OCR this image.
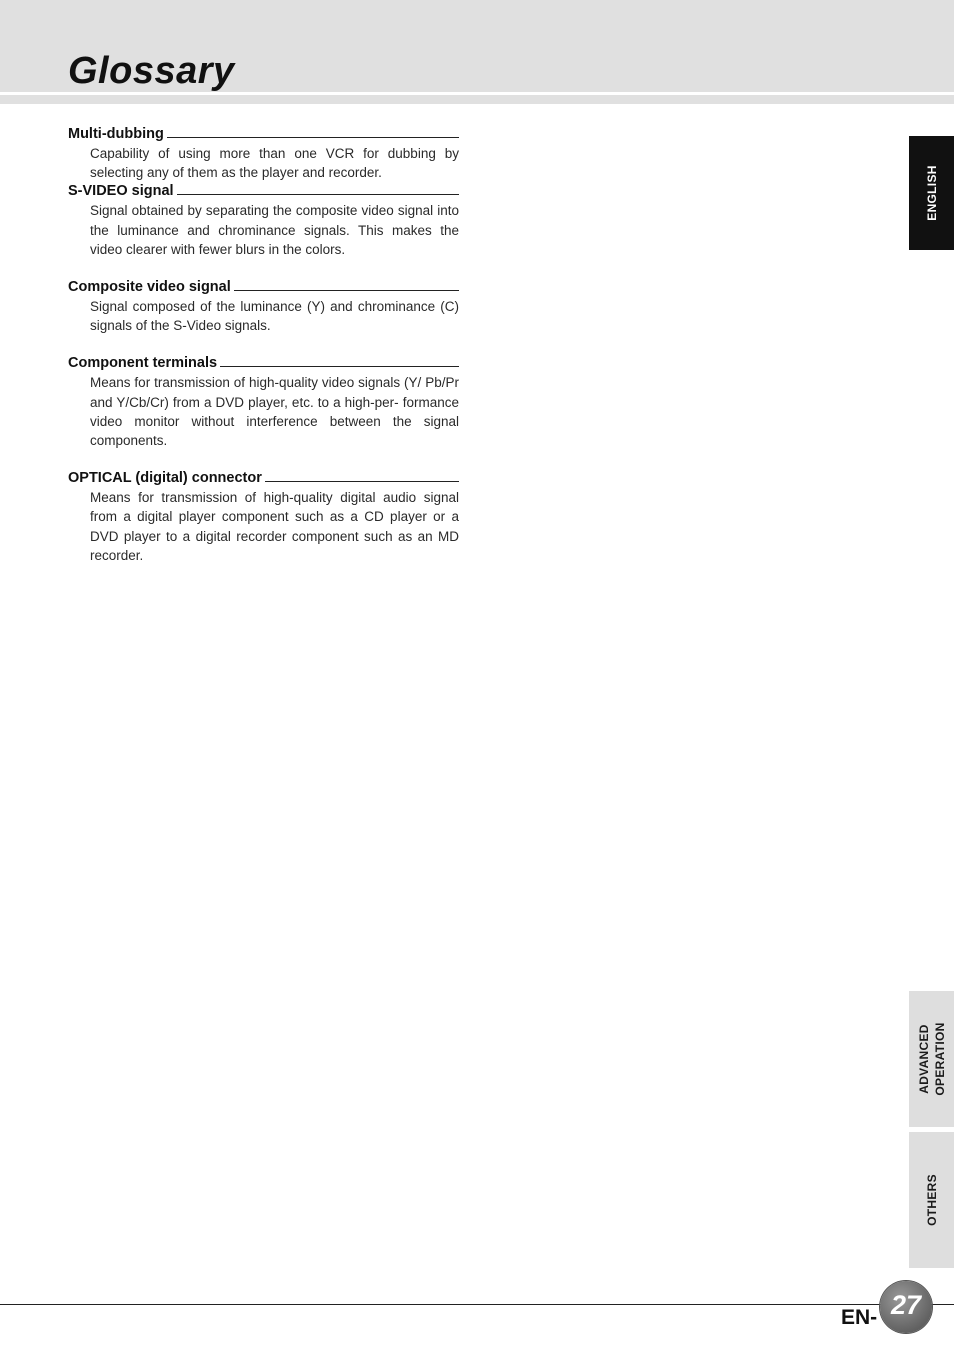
Glossary
Multi-dubbing

Capability of using more than one VCR for dubbing by selecting any of them as the player and recorder.

S-VIDEO signal

Signal obtained by separating the composite video signal into the luminance and chrominance signals. This makes the video clearer with fewer blurs in the colors.

Composite video signal

Signal composed of the luminance (Y) and chrominance (C) signals of the S-Video signals.

Component terminals

Means for transmission of high-quality video signals (Y/ Pb/Pr and Y/Cb/Cr) from a DVD player, etc. to a high-per- formance video monitor without interference between the signal components.

OPTICAL (digital) connector

Means for transmission of high-quality digital audio signal from a digital player component such as a CD player or a DVD player to a digital recorder component such as an MD recorder.

ENGLISH
ADVANCED OPERATION
OTHERS
EN- 27
